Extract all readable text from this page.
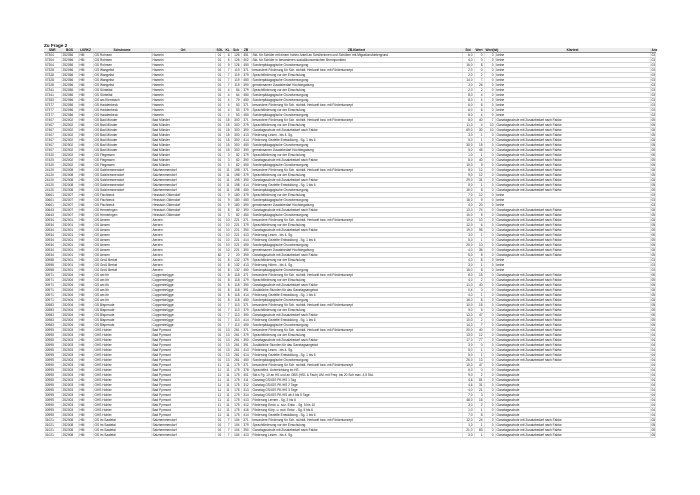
Zu Frage 2
SNR	BGS	LKRKZ	Schulname	Ort	SGL	KL	Sch	ZB	ZB-Klartext	Std	Wert	Wert(Ist)	Klartext	Anz
07304	252056	HM	GS Rohrsen	Hameln	01	6	126	451	Std. für Schüler mit einem hohen Anteil an Schülerinnen und Schülern mit Migrationshintergrund	6,0	0	0	keine	03
07304	252056	HM	GS Rohrsen	Hameln	01	6	126	402	Std. für Schüler in besonderen sozialökonomischen Brennpunkten	4,0	0	0	keine	03
07304	252056	HM	GS Rohrsen	Hameln	01	9	126	450	Sonderpädagogische Grundversorgung	16,0	8	0	keine	03
07328	252056	HM	GS Wangelist	Hameln	01	7	119	371	besondere Förderung für Sch. nichtdt. Herkunft bzw. mit Förderkonzept	2,0	0	0	keine	03
07328	252056	HM	GS Wangelist	Hameln	01	7	119	379	Sprachförderung vor der Einschulung	2,0	2	0	keine	03
07328	252056	HM	GS Wangelist	Hameln	01	7	119	450	Sonderpädagogische Grundversorgung	14,0	7	0	keine	03
07328	252056	HM	GS Wangelist	Hameln	01	7	119	390	gemeinsamer Zusatzbedarf Hochbegabung	3,0	26	0	keine	03
07341	252056	HM	GS Sünteltal	Hameln	01	4	64	379	Sprachförderung vor der Einschulung	2,0	2	0	keine	03
07341	252056	HM	GS Sünteltal	Hameln	01	4	64	450	Sonderpädagogische Grundversorgung	8,0	4	0	keine	03
07353	252056	HM	GS am Klembach	Hameln	01	4	79	450	Sonderpädagogische Grundversorgung	8,0	4	0	keine	03
07377	252056	HM	GS Haddenbeck	Hameln	01	4	53	371	besondere Förderung für Sch. nichtdt. Herkunft bzw. mit Förderkonzept	6,0	6	0	keine	03
07377	252056	HM	GS Haddenbeck	Hameln	01	4	53	379	Sprachförderung vor der Einschulung	6,0	6	0	keine	03
07377	252056	HM	GS Haddenbeck	Hameln	01	4	53	450	Sonderpädagogische Grundversorgung	8,0	4	0	keine	03
07407	252002	HM	GS Bad Münder	Bad Münder	01	15	300	371	besondere Förderung für Sch. nichtdt. Herkunft bzw. mit Förderkonzept	8,0	40	7	Ganztagsschule mit Zusatzbedarf nach Faktor	05
07407	252002	HM	GS Bad Münder	Bad Münder	01	15	300	379	Sprachförderung vor der Einschulung	11,0	4	10	Ganztagsschule mit Zusatzbedarf nach Faktor	05
07407	252002	HM	GS Bad Münder	Bad Münder	01	15	300	390	Ganztagsschule mit Zusatzbedarf nach Faktor	69,0	30	10	Ganztagsschule mit Zusatzbedarf nach Faktor	05
07407	252002	HM	GS Bad Münder	Bad Münder	01	15	300	413	Förderung Lesen - bis 4. Sg.	3,0	1	0	Ganztagsschule mit Zusatzbedarf nach Faktor	05
07407	252002	HM	GS Bad Münder	Bad Münder	01	15	300	414	Förderung Gezielte Entwicklung - Sg. 1 bis 6	5,0	1	0	Ganztagsschule mit Zusatzbedarf nach Faktor	05
07407	252002	HM	GS Bad Münder	Bad Münder	01	15	300	450	Sonderpädagogische Grundversorgung	30,0	15	0	Ganztagsschule mit Zusatzbedarf nach Faktor	05
07407	252002	HM	GS Bad Münder	Bad Münder	01	15	300	390	gemeinsamer Zusatzbedarf Hochbegabung	5,0	45	0	Ganztagsschule mit Zusatzbedarf nach Faktor	05
07420	252002	HM	GS Flegessen	Bad Münder	01	3	82	379	Sprachförderung vor der Einschulung	1,0	1	0	Ganztagsschule mit Zusatzbedarf nach Faktor	05
07420	252002	HM	GS Flegessen	Bad Münder	01	3	82	390	Ganztagsschule mit Zusatzbedarf nach Faktor	8,0	40	0	Ganztagsschule mit Zusatzbedarf nach Faktor	05
07420	252002	HM	GS Flegessen	Bad Münder	01	3	82	450	Sonderpädagogische Grundversorgung	10,0	5	0	Ganztagsschule mit Zusatzbedarf nach Faktor	05
24120	252008	HM	GS Salzhemmendorf	Salzhemmendorf	01	11	198	371	besondere Förderung für Sch. nichtdt. Herkunft bzw. mit Förderkonzept	8,0	12	0	Ganztagsschule mit Zusatzbedarf nach Faktor	05
24120	252008	HM	GS Salzhemmendorf	Salzhemmendorf	01	11	198	379	Sprachförderung vor der Einschulung	9,0	12	0	Ganztagsschule mit Zusatzbedarf nach Faktor	05
24120	252008	HM	GS Salzhemmendorf	Salzhemmendorf	01	11	198	390	Ganztagsschule mit Zusatzbedarf nach Faktor	29,0	31	0	Ganztagsschule mit Zusatzbedarf nach Faktor	05
24120	252008	HM	GS Salzhemmendorf	Salzhemmendorf	01	11	198	414	Förderung Gezielte Entwicklung - Sg. 1 bis 6	5,0	1	0	Ganztagsschule mit Zusatzbedarf nach Faktor	05
24120	252008	HM	GS Salzhemmendorf	Salzhemmendorf	01	11	198	450	Sonderpädagogische Grundversorgung	16,0	8	0	Ganztagsschule mit Zusatzbedarf nach Faktor	05
30601	252007	HM	GS Fischbeck	Hessisch Oldendorf	01	9	180	379	Sprachförderung vor der Einschulung	7,0	12	0	keine	03
30601	252007	HM	GS Fischbeck	Hessisch Oldendorf	01	9	180	450	Sonderpädagogische Grundversorgung	18,0	9	0	keine	03
30601	252007	HM	GS Fischbeck	Hessisch Oldendorf	01	9	180	390	gemeinsamer Zusatzbedarf Hochbegabung	4,0	20	0	keine	03
30643	252007	HM	GS Hemeringen	Hessisch Oldendorf	01	8	82	390	Ganztagsschule mit Zusatzbedarf nach Faktor	13,0	74	0	Ganztagsschule mit Zusatzbedarf nach Faktor	05
30643	252007	HM	GS Hemeringen	Hessisch Oldendorf	01	3	82	450	Sonderpädagogische Grundversorgung	10,0	5	0	Ganztagsschule mit Zusatzbedarf nach Faktor	05
30934	252001	HM	GS Aerzen	Aerzen	01	10	221	371	besondere Förderung für Sch. nichtdt. Herkunft bzw. mit Förderkonzept	10,0	10	0	Ganztagsschule mit Zusatzbedarf nach Faktor	05
30934	252001	HM	GS Aerzen	Aerzen	01	10	221	379	Sprachförderung vor der Einschulung	12,0	6	0	Ganztagsschule mit Zusatzbedarf nach Faktor	05
30934	252001	HM	GS Aerzen	Aerzen	01	10	221	390	Ganztagsschule mit Zusatzbedarf nach Faktor	19,0	95	0	Ganztagsschule mit Zusatzbedarf nach Faktor	05
30934	252001	HM	GS Aerzen	Aerzen	01	10	221	413	Förderung Lesen - bis 4. Sg.	3,0	1	0	Ganztagsschule mit Zusatzbedarf nach Faktor	05
30934	252001	HM	GS Aerzen	Aerzen	01	10	221	414	Förderung Gezielte Entwicklung - Sg. 1 bis 6	5,0	1	0	Ganztagsschule mit Zusatzbedarf nach Faktor	05
30934	252001	HM	GS Aerzen	Aerzen	01	10	221	450	Sonderpädagogische Grundversorgung	20,0	10	0	Ganztagsschule mit Zusatzbedarf nach Faktor	05
30934	252001	HM	GS Aerzen	Aerzen	01	10	221	390	gemeinsamer Zusatzbedarf Hochbegabung	4,0	36	0	Ganztagsschule mit Zusatzbedarf nach Faktor	05
30934	252001	HM	GS Aerzen	Aerzen	62	2	20	390	Ganztagsschule mit Zusatzbedarf nach Faktor	5,0	8	0	Ganztagsschule mit Zusatzbedarf nach Faktor	05
30958	252001	HM	GS Groß Berkel	Aerzen	01	8	132	379	Sprachförderung vor der Einschulung	4,0	8	0	keine	03
30958	252001	HM	GS Groß Berkel	Aerzen	01	8	132	413	Förderung Hören - bis 4. Sg.	3,0	1	0	keine	03
30958	252001	HM	GS Groß Berkel	Aerzen	01	8	132	450	Sonderpädagogische Grundversorgung	16,0	8	0	keine	03
30971	252004	HM	GS am Ith	Coppenbrügge	01	8	118	371	besondere Förderung für Sch. nichtdt. Herkunft bzw. mit Förderkonzept	8,0	15	0	Ganztagsschule mit Zusatzbedarf nach Faktor	05
30971	252004	HM	GS am Ith	Coppenbrügge	01	8	118	379	Sprachförderung vor der Einschulung	4,0	2	0	Ganztagsschule mit Zusatzbedarf nach Faktor	05
30971	252004	HM	GS am Ith	Coppenbrügge	01	8	118	390	Ganztagsschule mit Zusatzbedarf nach Faktor	11,0	40	0	Ganztagsschule mit Zusatzbedarf nach Faktor	05
30971	252004	HM	GS am Ith	Coppenbrügge	01	8	118	391	Zusätzliche Stunden für das Ganztagsangebot	0,4	0	0	Ganztagsschule mit Zusatzbedarf nach Faktor	05
30971	252004	HM	GS am Ith	Coppenbrügge	01	8	118	414	Förderung Gezielte Entwicklung - Sg. 1 bis 6	4,0	1	0	Ganztagsschule mit Zusatzbedarf nach Faktor	05
30971	252004	HM	GS am Ith	Coppenbrügge	01	8	118	450	Sonderpädagogische Grundversorgung	16,0	8	0	Ganztagsschule mit Zusatzbedarf nach Faktor	05
30983	252004	HM	GS Bisperode	Coppenbrügge	01	7	113	371	besondere Förderung für Sch. nichtdt. Herkunft bzw. mit Förderkonzept	10,0	15	0	Ganztagsschule mit Zusatzbedarf nach Faktor	05
30983	252004	HM	GS Bisperode	Coppenbrügge	01	7	113	379	Sprachförderung vor der Einschulung	5,0	5	0	Ganztagsschule mit Zusatzbedarf nach Faktor	05
30983	252004	HM	GS Bisperode	Coppenbrügge	01	7	113	390	Ganztagsschule mit Zusatzbedarf nach Faktor	13,0	47	0	Ganztagsschule mit Zusatzbedarf nach Faktor	05
30983	252004	HM	GS Bisperode	Coppenbrügge	01	7	113	414	Förderung Gezielte Entwicklung - Sg. 1 bis 6	10,0	2	0	Ganztagsschule mit Zusatzbedarf nach Faktor	05
30983	252004	HM	GS Bisperode	Coppenbrügge	01	7	113	450	Sonderpädagogische Grundversorgung	14,0	7	0	Ganztagsschule mit Zusatzbedarf nach Faktor	05
30995	252003	HM	GHS Hohler	Bad Pyrmont	01	13	261	371	besondere Förderung für Sch. nichtdt. Herkunft bzw. mit Förderkonzept	20,0	40	0	Ganztagsschule mit Zusatzbedarf nach Faktor	04
30995	252003	HM	GHS Hohler	Bad Pyrmont	01	13	261	379	Sprachförderung vor der Einschulung	13,0	12	0	Ganztagsschule mit Zusatzbedarf nach Faktor	04
30995	252003	HM	GHS Hohler	Bad Pyrmont	01	13	261	390	Ganztagsschule mit Zusatzbedarf nach Faktor	17,0	77	0	Ganztagsschule mit Zusatzbedarf nach Faktor	04
30995	252003	HM	GHS Hohler	Bad Pyrmont	01	13	261	391	Zusätzliche Stunden für das Ganztagsangebot	3,0	0	0	Ganztagsschule mit Zusatzbedarf nach Faktor	04
30995	252003	HM	GHS Hohler	Bad Pyrmont	01	13	261	413	Förderung Lesen - bis 4. Sg.	5,0	1	0	Ganztagsschule mit Zusatzbedarf nach Faktor	04
30995	252003	HM	GHS Hohler	Bad Pyrmont	01	13	261	414	Förderung Gezielte Entwicklung - Sg. 1 bis 6	5,0	1	0	Ganztagsschule mit Zusatzbedarf nach Faktor	04
30995	252003	HM	GHS Hohler	Bad Pyrmont	01	13	261	450	Sonderpädagogische Grundversorgung	26,0	13	0	Ganztagsschule mit Zusatzbedarf nach Faktor	04
30995	252003	HM	GHS Hohler	Bad Pyrmont	11	11	175	371	besondere Förderung für Sch. nichtdt. Herkunft bzw. mit Förderkonzept	10,0	47	0	Ganztagsschule	04
30995	252003	HM	GHS Hohler	Bad Pyrmont	11	11	175	378	Sprachförd. Unterrichtung im HS	6,0	0	0	Ganztagsschule	04
30995	252003	HM	GHS Hohler	Bad Pyrmont	11	11	175	401	Std.s Fg. 10 an HS und an OBS (HS1 & Fach) UM. mit Freq. bis 20 Sch max. 4,5 Std.	9,0	2	0	Ganztagsschule	04
30995	252003	HM	GHS Hohler	Bad Pyrmont	11	11	175	311	Ganztag GS/IGS Pfl./HS 1 Tag	4,6	81	0	Ganztagsschule	04
30995	252003	HM	GHS Hohler	Bad Pyrmont	11	11	175	312	Ganztag GS/IGS Pfl./HS 2 Tage	4,6	31	0	Ganztagsschule	04
30995	252003	HM	GHS Hohler	Bad Pyrmont	11	11	175	313	Ganztag GS/IGS Pfl./HS 3 Tage	4,0	21	0	Ganztagsschule	04
30995	252003	HM	GHS Hohler	Bad Pyrmont	11	11	175	314	Ganztag GS/IGS Pfl./HS ab 4 bis 5 Tage	7,0	3	0	Ganztagsschule	04
30995	252003	HM	GHS Hohler	Bad Pyrmont	11	11	175	413	Förderung Lernen - Sg. 3 bis 6	48,0	16	0	Ganztagsschule	04
30995	252003	HM	GHS Hohler	Bad Pyrmont	11	11	175	412	Förderung Emot. u. soz. Entw. - Sg. 5 bis 10	3,0	2	0	Ganztagsschule	04
30995	252003	HM	GHS Hohler	Bad Pyrmont	11	11	175	416	Förderung Körp. u. mot. Entw. - Sg. 5 bis 6	1,0	1	0	Ganztagsschule	04
30995	252003	HM	GHS Hohler	Bad Pyrmont	11	11	175	414	Förderung Gezielte Entwicklung - Sg. 1 bis 6	7,0	8	0	Ganztagsschule	04
31021	252008	HM	GS im Saaletal	Salzhemmendorf	01	7	104	371	besondere Förderung für Sch. nichtdt. Herkunft bzw. mit Förderkonzept	12,0	24	0	Ganztagsschule mit Zusatzbedarf nach Faktor	05
31021	252008	HM	GS im Saaletal	Salzhemmendorf	01	7	104	379	Sprachförderung vor der Einschulung	1,0	1	0	Ganztagsschule mit Zusatzbedarf nach Faktor	05
31021	252008	HM	GS im Saaletal	Salzhemmendorf	01	7	104	390	Ganztagsschule mit Zusatzbedarf nach Faktor	21,0	83	0	Ganztagsschule mit Zusatzbedarf nach Faktor	05
31021	252008	HM	GS im Saaletal	Salzhemmendorf	01	7	104	413	Förderung Lesen - bis 4. Sg.	3,0	1	0	Ganztagsschule mit Zusatzbedarf nach Faktor	05
